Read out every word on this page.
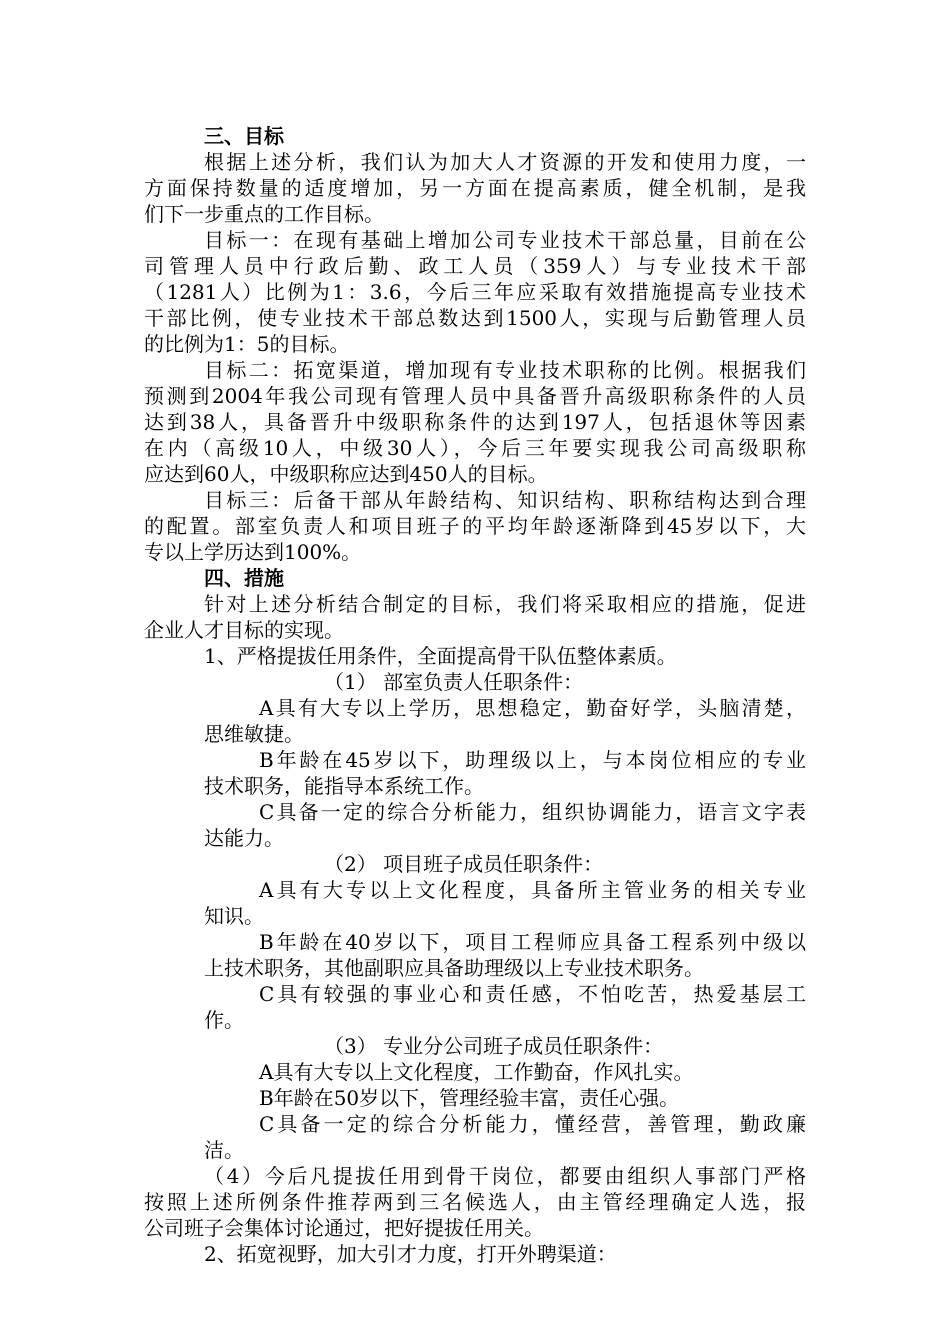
三、目标
根据上述分析，我们认为加大人才资源的开发和使用力度，一
方面保持数量的适度增加，另一方面在提高素质，健全机制，是我
们下一步重点的工作目标。
目标一：在现有基础上增加公司专业技术干部总量，目前在公
司管理人员中行政后勤、政工人员（359人）与专业技术干部
（1281人）比例为1：3.6，今后三年应采取有效措施提高专业技术
干部比例，使专业技术干部总数达到1500人，实现与后勤管理人员
的比例为1：5的目标。
目标二：拓宽渠道，增加现有专业技术职称的比例。根据我们
预测到2004年我公司现有管理人员中具备晋升高级职称条件的人员
达到38人，具备晋升中级职称条件的达到197人，包括退休等因素
在内（高级10人，中级30人），今后三年要实现我公司高级职称
应达到60人，中级职称应达到450人的目标。
目标三：后备干部从年龄结构、知识结构、职称结构达到合理
的配置。部室负责人和项目班子的平均年龄逐渐降到45岁以下，大
专以上学历达到100%。
四、措施
针对上述分析结合制定的目标，我们将采取相应的措施，促进
企业人才目标的实现。
1、严格提拔任用条件，全面提高骨干队伍整体素质。
（1） 部室负责人任职条件：
A具有大专以上学历，思想稳定，勤奋好学，头脑清楚，
思维敏捷。
B年龄在45岁以下，助理级以上，与本岗位相应的专业
技术职务，能指导本系统工作。
C具备一定的综合分析能力，组织协调能力，语言文字表
达能力。
（2） 项目班子成员任职条件：
A具有大专以上文化程度，具备所主管业务的相关专业
知识。
B年龄在40岁以下，项目工程师应具备工程系列中级以
上技术职务，其他副职应具备助理级以上专业技术职务。
C具有较强的事业心和责任感，不怕吃苦，热爱基层工
作。
（3） 专业分公司班子成员任职条件：
A具有大专以上文化程度，工作勤奋，作风扎实。
B年龄在50岁以下，管理经验丰富，责任心强。
C具备一定的综合分析能力，懂经营，善管理，勤政廉
洁。
（4）今后凡提拔任用到骨干岗位，都要由组织人事部门严格
按照上述所例条件推荐两到三名候选人，由主管经理确定人选，报
公司班子会集体讨论通过，把好提拔任用关。
2、拓宽视野，加大引才力度，打开外聘渠道：
